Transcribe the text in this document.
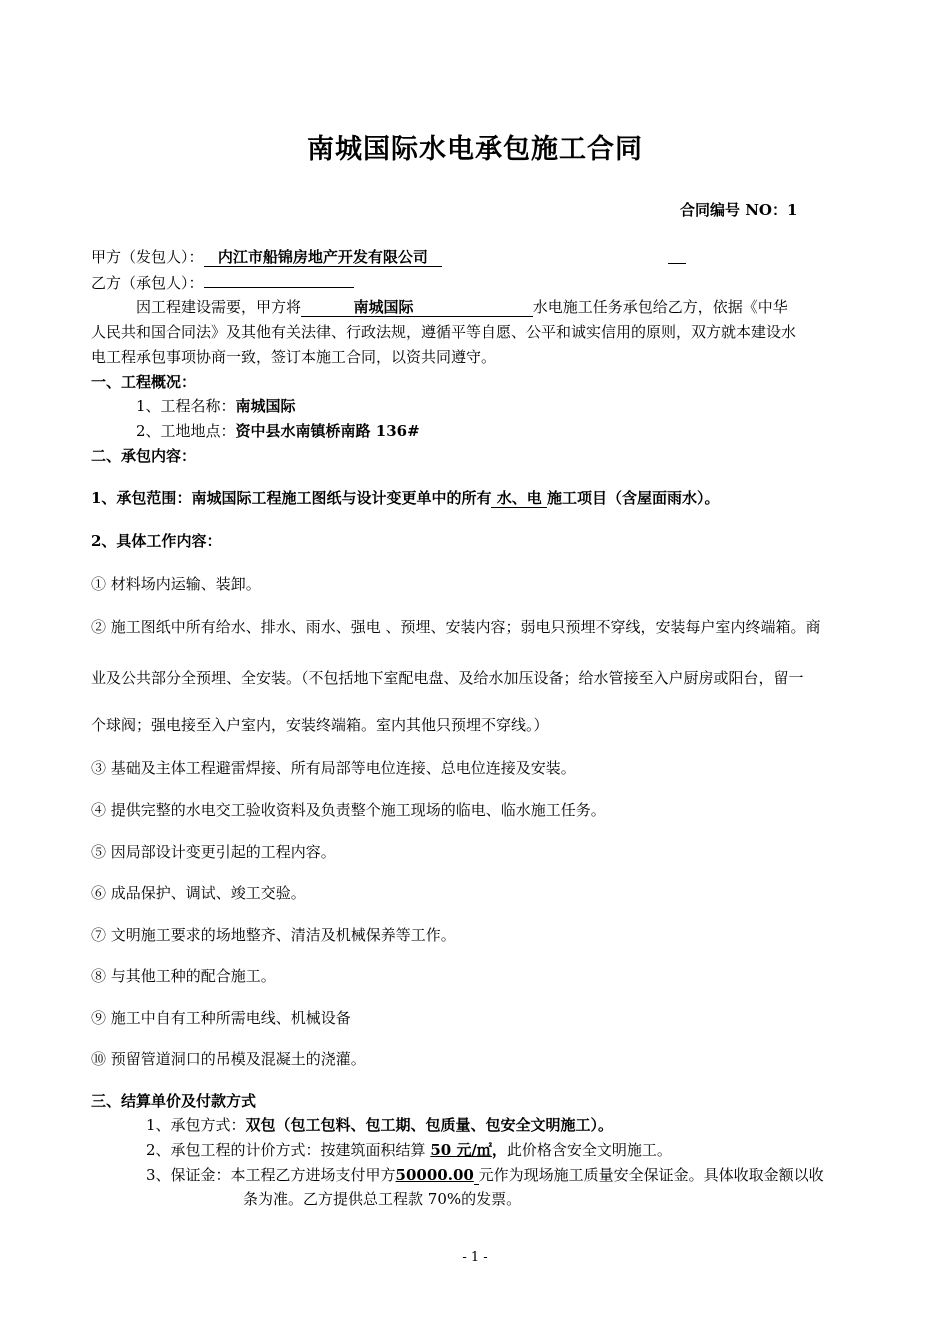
南城国际水电承包施工合同
合同编号 NO：1
甲方（发包人）： 内江市船锦房地产开发有限公司
乙方（承包人）：
因工程建设需要，甲方将	南城国际	水电施工任务承包给乙方，依据《中华
人民共和国合同法》及其他有关法律、行政法规，遵循平等自愿、公平和诚实信用的原则，双方就本建设水
电工程承包事项协商一致，签订本施工合同，以资共同遵守。
一、工程概况：
1、工程名称：南城国际
2、工地地点：资中县水南镇桥南路 136#
二、承包内容：
1、承包范围：南城国际工程施工图纸与设计变更单中的所有 水、电 施工项目（含屋面雨水）。
2、具体工作内容：
① 材料场内运输、装卸。
② 施工图纸中所有给水、排水、雨水、强电 、预埋、安装内容；弱电只预埋不穿线，安装每户室内终端箱。商
业及公共部分全预埋、全安装。（不包括地下室配电盘、及给水加压设备；给水管接至入户厨房或阳台，留一
个球阀；强电接至入户室内，安装终端箱。室内其他只预埋不穿线。）
③ 基础及主体工程避雷焊接、所有局部等电位连接、总电位连接及安装。
④ 提供完整的水电交工验收资料及负责整个施工现场的临电、临水施工任务。
⑤ 因局部设计变更引起的工程内容。
⑥ 成品保护、调试、竣工交验。
⑦ 文明施工要求的场地整齐、清洁及机械保养等工作。
⑧ 与其他工种的配合施工。
⑨ 施工中自有工种所需电线、机械设备
⑩ 预留管道洞口的吊模及混凝土的浇灌。
三、结算单价及付款方式
1、承包方式：双包（包工包料、包工期、包质量、包安全文明施工）。
2、承包工程的计价方式：按建筑面积结算 50 元/㎡，此价格含安全文明施工。
3、保证金：本工程乙方进场支付甲方50000.00 元作为现场施工质量安全保证金。具体收取金额以收
条为准。乙方提供总工程款 70%的发票。
- 1 -
